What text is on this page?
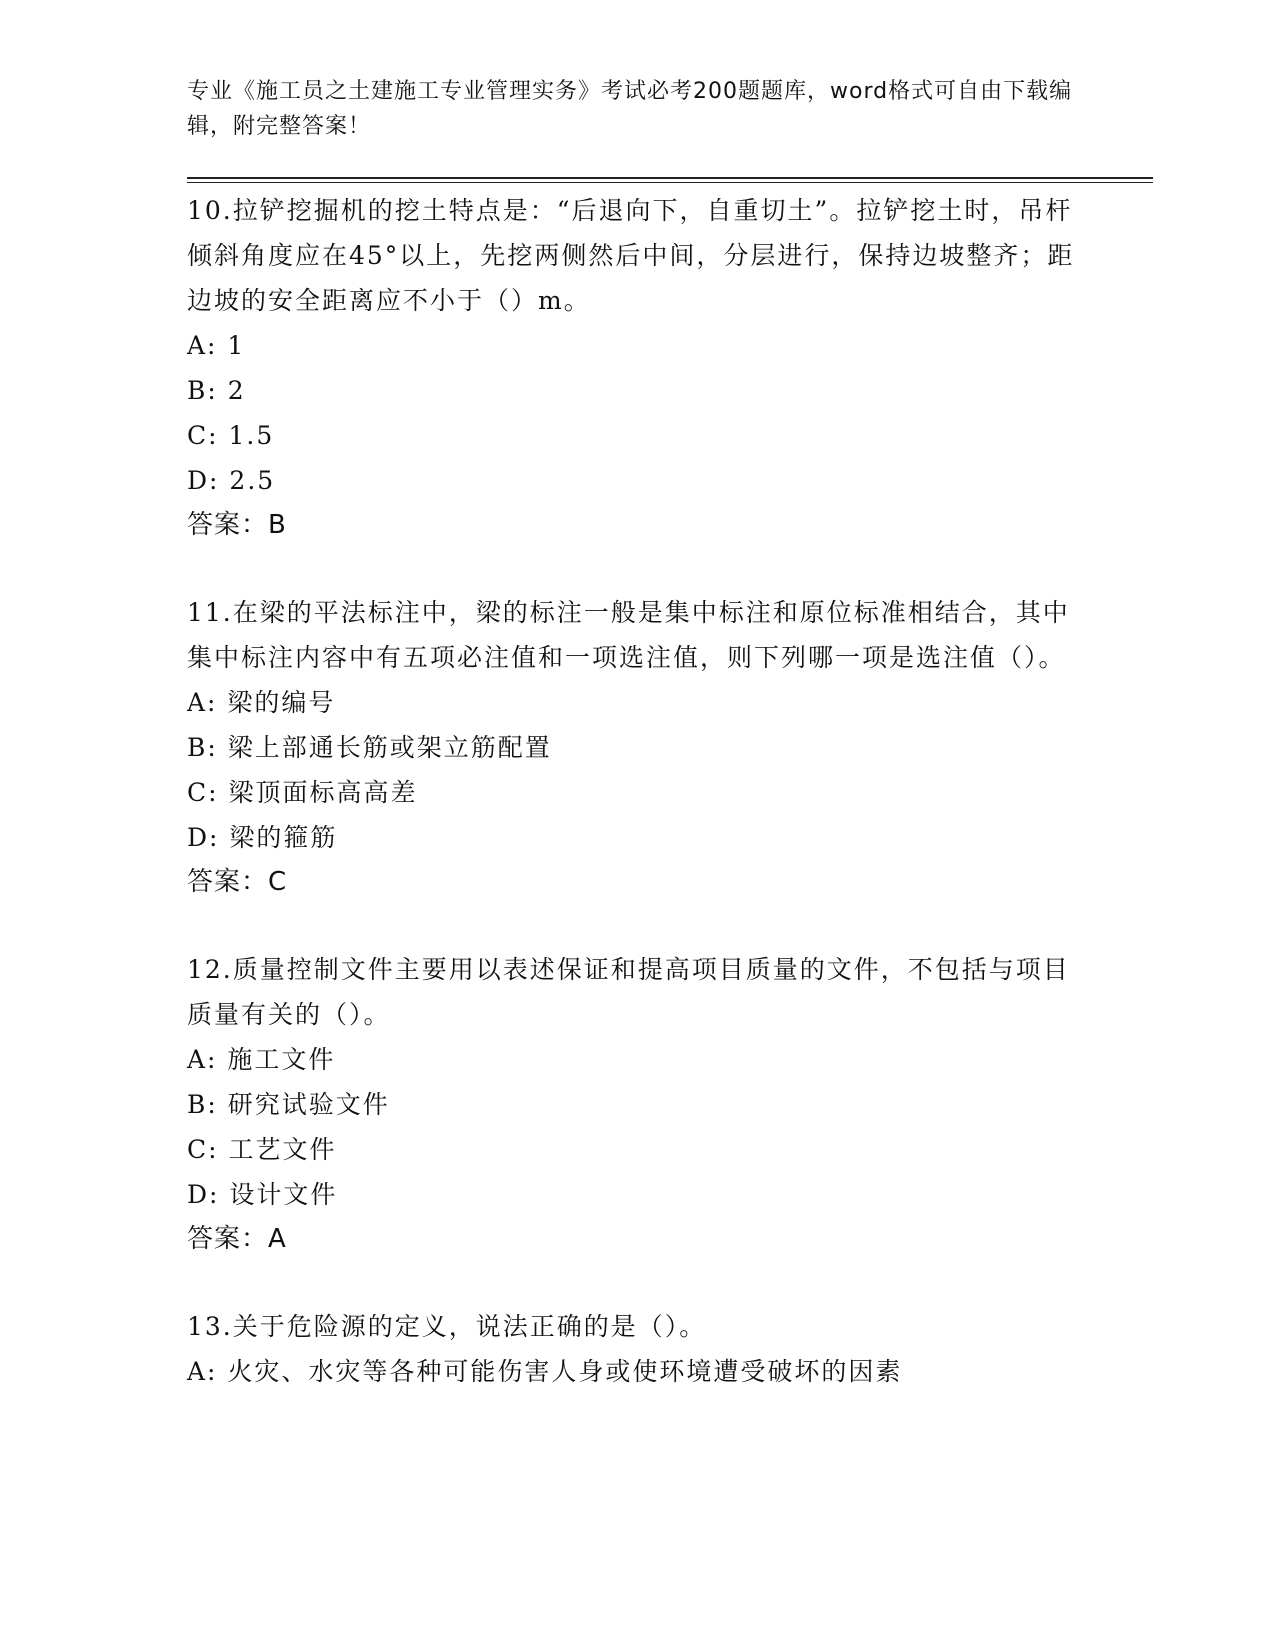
专业《施工员之土建施工专业管理实务》考试必考200题题库，word格式可自由下载编辑，附完整答案！
10.拉铲挖掘机的挖土特点是：“后退向下，自重切土”。拉铲挖土时，吊杆倾斜角度应在45°以上，先挖两侧然后中间，分层进行，保持边坡整齐；距边坡的安全距离应不小于（）m。
A: 1
B: 2
C: 1.5
D: 2.5
答案：B
11.在梁的平法标注中，梁的标注一般是集中标注和原位标准相结合，其中集中标注内容中有五项必注值和一项选注值，则下列哪一项是选注值（）。
A: 梁的编号
B: 梁上部通长筋或架立筋配置
C: 梁顶面标高高差
D: 梁的箍筋
答案：C
12.质量控制文件主要用以表述保证和提高项目质量的文件，不包括与项目质量有关的（）。
A: 施工文件
B: 研究试验文件
C: 工艺文件
D: 设计文件
答案：A
13.关于危险源的定义，说法正确的是（）。
A: 火灾、水灾等各种可能伤害人身或使环境遭受破坏的因素
